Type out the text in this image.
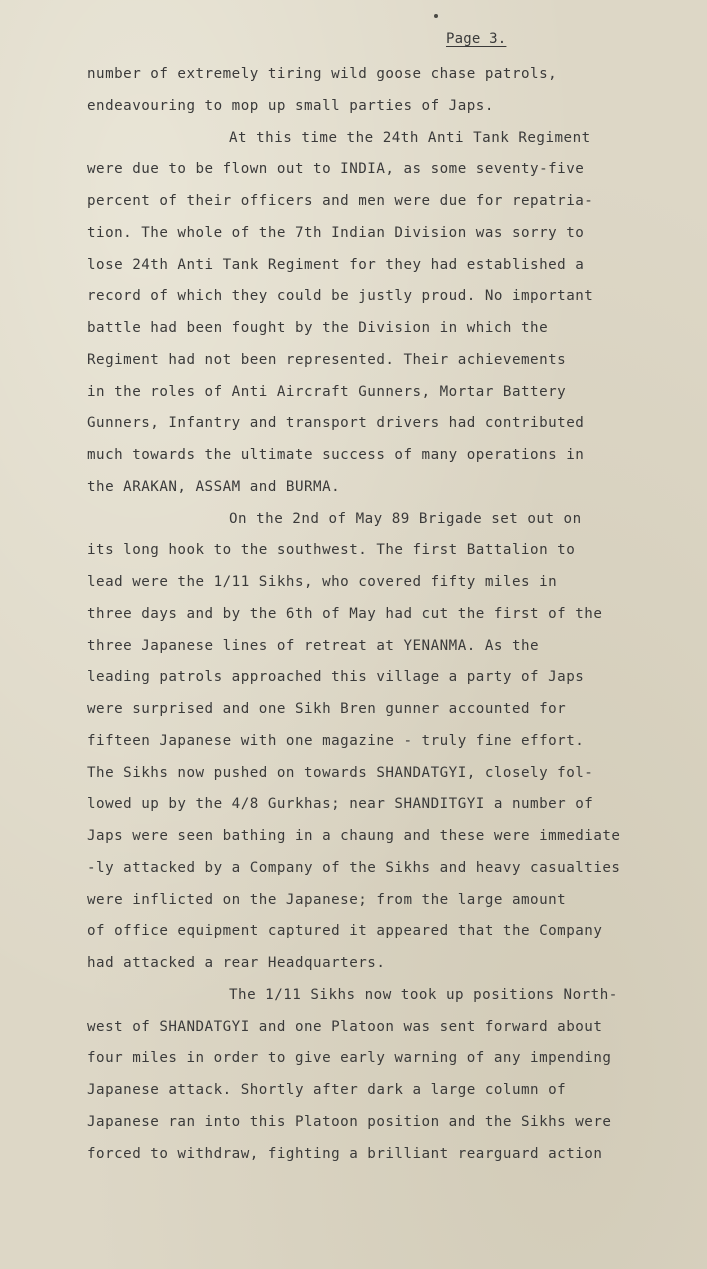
Page 3.
number of extremely tiring wild goose chase patrols,
endeavouring to mop up small parties of Japs.
At this time the 24th Anti Tank Regiment
were due to be flown out to INDIA, as some seventy-five
percent of their officers and men were due for repatria-
tion. The whole of the 7th Indian Division was sorry to
lose 24th Anti Tank Regiment for they had established a
record of which they could be justly proud. No important
battle had been fought by the Division in which the
Regiment had not been represented. Their achievements
in the roles of Anti Aircraft Gunners, Mortar Battery
Gunners, Infantry and transport drivers had contributed
much towards the ultimate success of many operations in
the ARAKAN, ASSAM and BURMA.
On the 2nd of May 89 Brigade set out on
its long hook to the southwest. The first Battalion to
lead were the 1/11 Sikhs, who covered fifty miles in
three days and by the 6th of May had cut the first of the
three Japanese lines of retreat at YENANMA. As the
leading patrols approached this village a party of Japs
were surprised and one Sikh Bren gunner accounted for
fifteen Japanese with one magazine - truly fine effort.
The Sikhs now pushed on towards SHANDATGYI, closely fol-
lowed up by the 4/8 Gurkhas; near SHANDITGYI a number of
Japs were seen bathing in a chaung and these were immediate
-ly attacked by a Company of the Sikhs and heavy casualties
were inflicted on the Japanese; from the large amount
of office equipment captured it appeared that the Company
had attacked a rear Headquarters.
The 1/11 Sikhs now took up positions North-
west of SHANDATGYI and one Platoon was sent forward about
four miles in order to give early warning of any impending
Japanese attack. Shortly after dark a large column of
Japanese ran into this Platoon position and the Sikhs were
forced to withdraw, fighting a brilliant rearguard action
